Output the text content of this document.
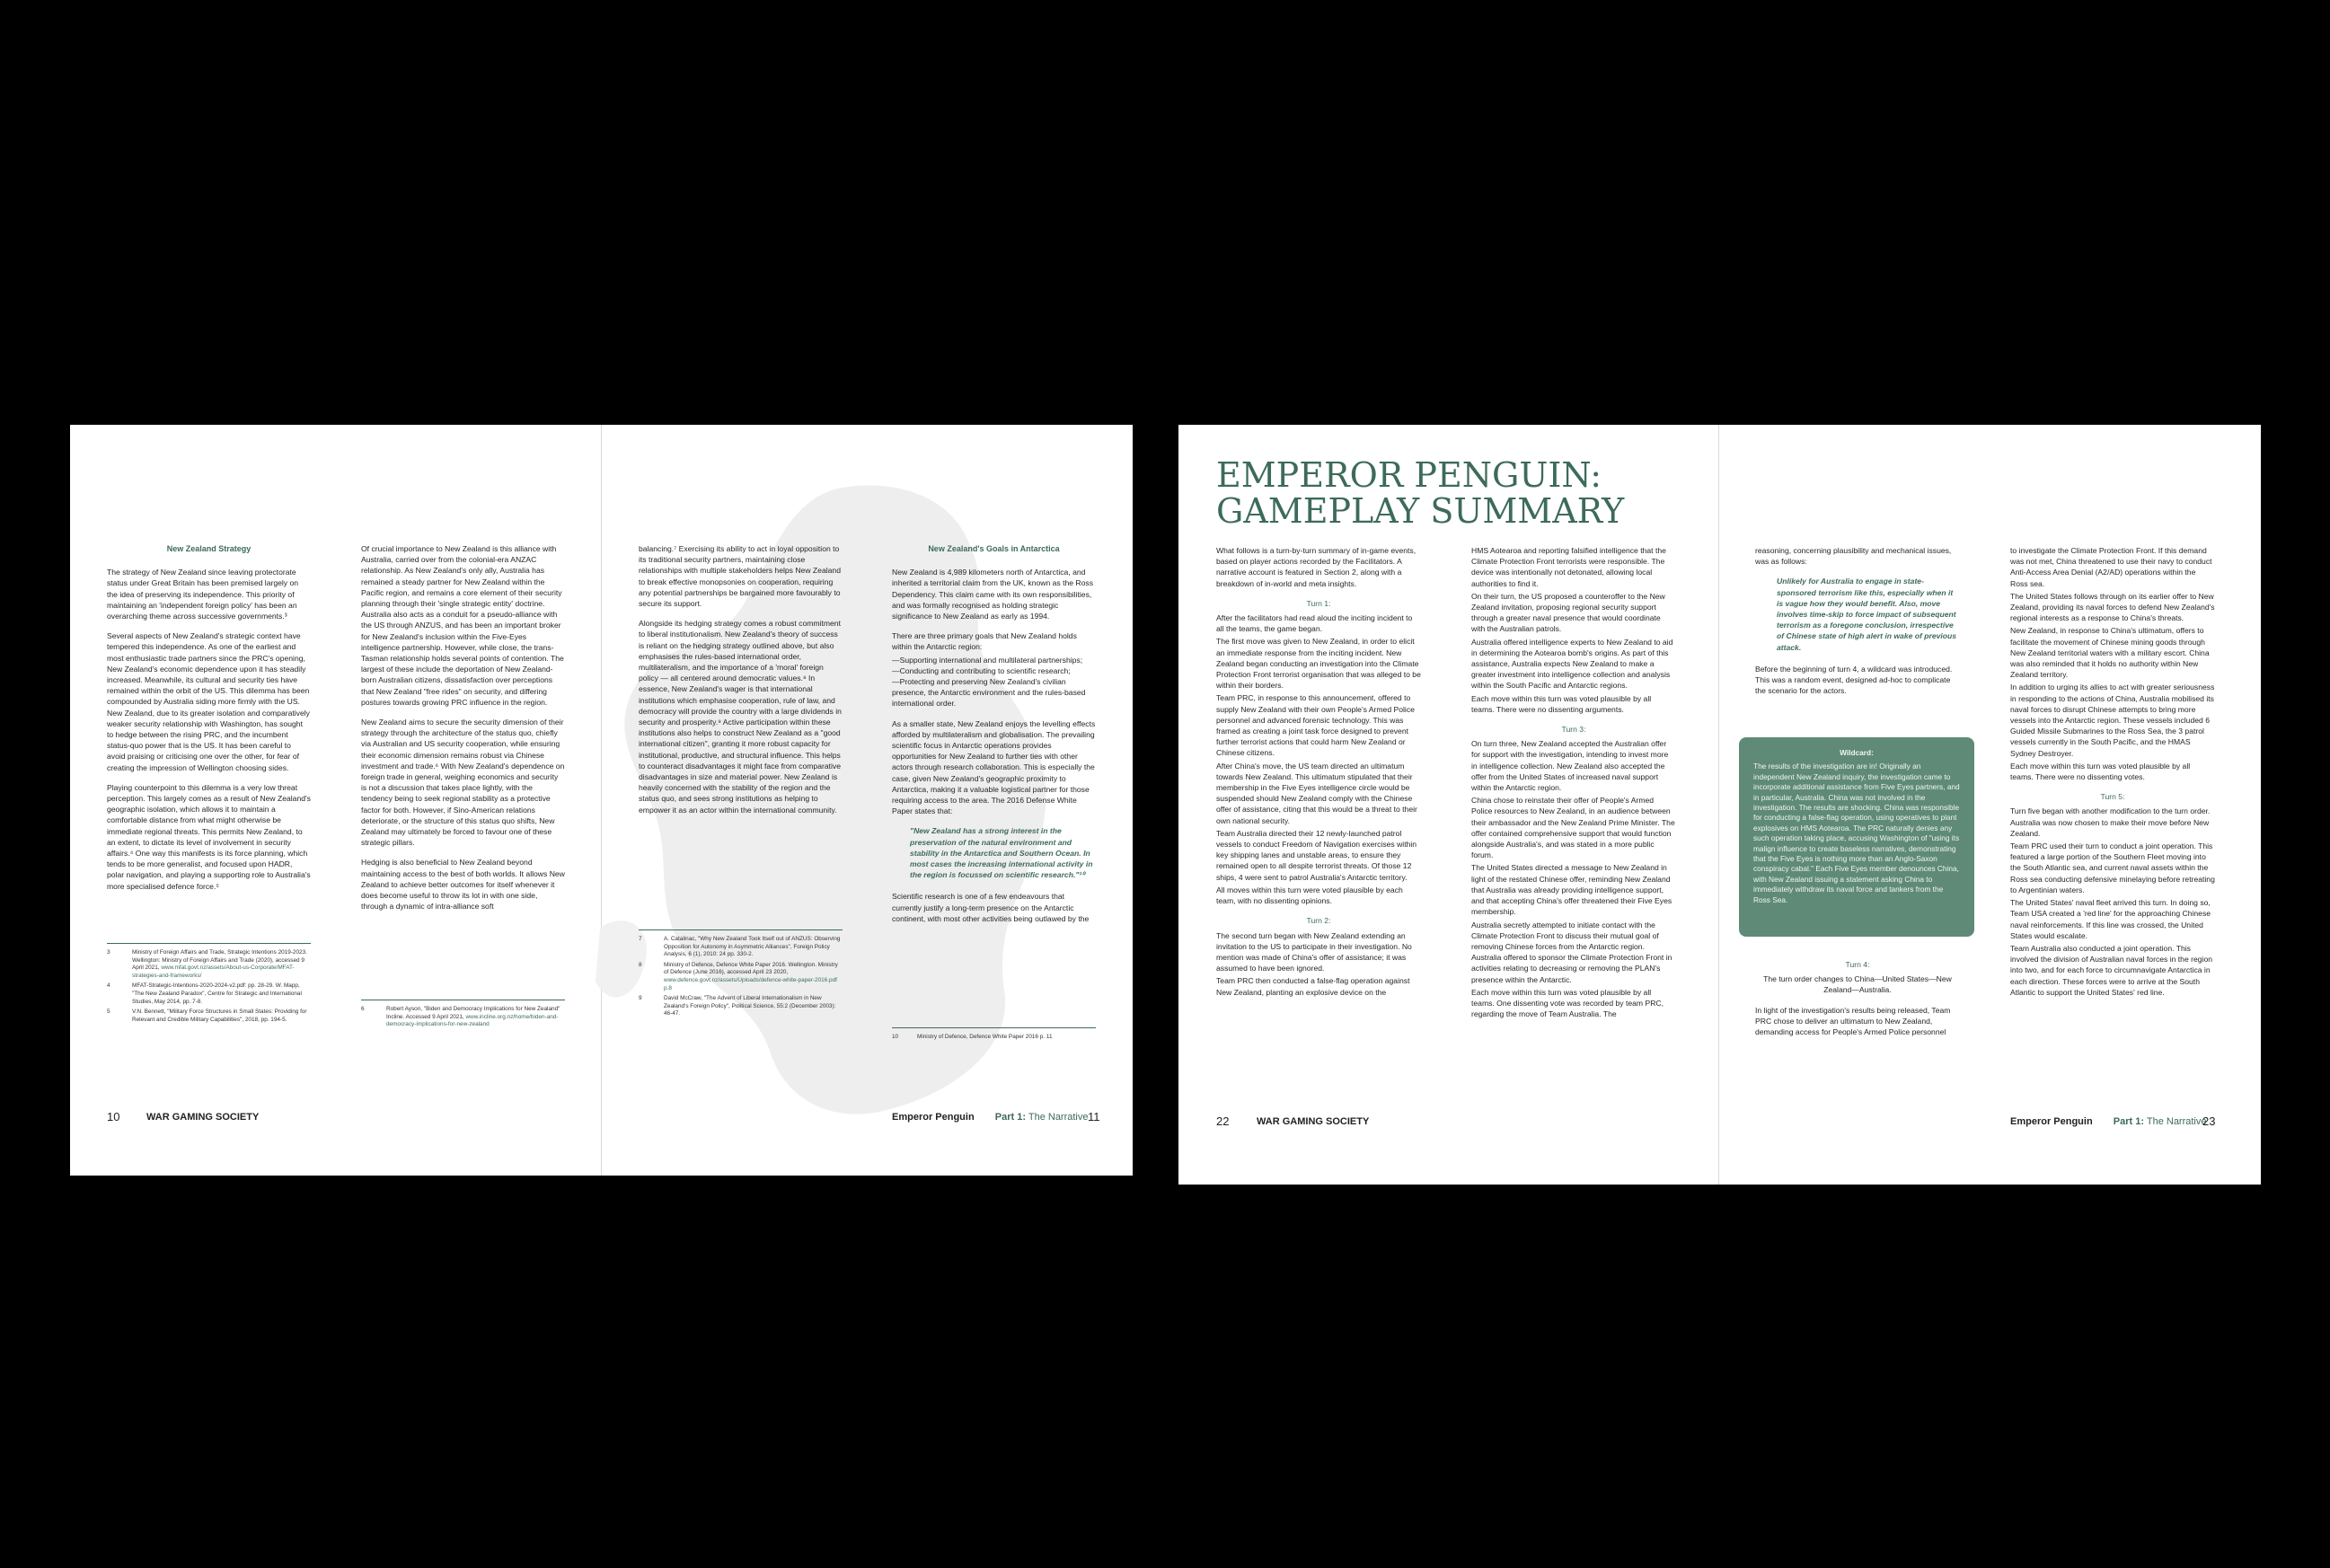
New Zealand Strategy

The strategy of New Zealand since leaving protectorate status under Great Britain has been premised largely on the idea of preserving its independence. This priority of maintaining an 'independent foreign policy' has been an overarching theme across successive governments.³

Several aspects of New Zealand's strategic context have tempered this independence. As one of the earliest and most enthusiastic trade partners since the PRC's opening, New Zealand's economic dependence upon it has steadily increased. Meanwhile, its cultural and security ties have remained within the orbit of the US. This dilemma has been compounded by Australia siding more firmly with the US. New Zealand, due to its greater isolation and comparatively weaker security relationship with Washington, has sought to hedge between the rising PRC, and the incumbent status-quo power that is the US. It has been careful to avoid praising or criticising one over the other, for fear of creating the impression of Wellington choosing sides.

Playing counterpoint to this dilemma is a very low threat perception. This largely comes as a result of New Zealand's geographic isolation, which allows it to maintain a comfortable distance from what might otherwise be immediate regional threats. This permits New Zealand, to an extent, to dictate its level of involvement in security affairs.⁴ One way this manifests is its force planning, which tends to be more generalist, and focused upon HADR, polar navigation, and playing a supporting role to Australia's more specialised defence force.⁵

3	Ministry of Foreign Affairs and Trade, Strategic Intentions 2019-2023. Wellington: Ministry of Foreign Affairs and Trade (2020), accessed 9 April 2021, www.mfat.govt.nz/assets/About-us-Corporate/MFAT-strategies-and-frameworks/
4	MFAT-Strategic-Intentions-2020-2024-v2.pdf: pp. 28-29. W. Mapp, "The New Zealand Paradox", Centre for Strategic and International Studies, May 2014, pp. 7-8.
5	V.N. Bennett, "Military Force Structures in Small States: Providing for Relevant and Credible Military Capabilities", 2018, pp. 194-5.

Of crucial importance to New Zealand is this alliance with Australia, carried over from the colonial-era ANZAC relationship. As New Zealand's only ally, Australia has remained a steady partner for New Zealand within the Pacific region, and remains a core element of their security planning through their 'single strategic entity' doctrine. Australia also acts as a conduit for a pseudo-alliance with the US through ANZUS, and has been an important broker for New Zealand's inclusion within the Five-Eyes intelligence partnership. However, while close, the trans-Tasman relationship holds several points of contention. The largest of these include the deportation of New Zealand-born Australian citizens, dissatisfaction over perceptions that New Zealand "free rides" on security, and differing postures towards growing PRC influence in the region.

New Zealand aims to secure the security dimension of their strategy through the architecture of the status quo, chiefly via Australian and US security cooperation, while ensuring their economic dimension remains robust via Chinese investment and trade.⁶ With New Zealand's dependence on foreign trade in general, weighing economics and security is not a discussion that takes place lightly, with the tendency being to seek regional stability as a protective factor for both. However, if Sino-American relations deteriorate, or the structure of this status quo shifts, New Zealand may ultimately be forced to favour one of these strategic pillars.

Hedging is also beneficial to New Zealand beyond maintaining access to the best of both worlds. It allows New Zealand to achieve better outcomes for itself whenever it does become useful to throw its lot in with one side, through a dynamic of intra-alliance soft

6	Robert Ayson, "Biden and Democracy Implications for New Zealand" Incline. Accessed 9 April 2021, www.incline.org.nz/home/biden-and-democracy-implications-for-new-zealand
10	WAR GAMING SOCIETY

balancing.⁷ Exercising its ability to act in loyal opposition to its traditional security partners, maintaining close relationships with multiple stakeholders helps New Zealand to break effective monopsonies on cooperation, requiring any potential partnerships be bargained more favourably to secure its support.

Alongside its hedging strategy comes a robust commitment to liberal institutionalism. New Zealand's theory of success is reliant on the hedging strategy outlined above, but also emphasises the rules-based international order, multilateralism, and the importance of a 'moral' foreign policy — all centered around democratic values.⁸ In essence, New Zealand's wager is that international institutions which emphasise cooperation, rule of law, and democracy will provide the country with a large dividends in security and prosperity.⁹ Active participation within these institutions also helps to construct New Zealand as a "good international citizen", granting it more robust capacity for institutional, productive, and structural influence. This helps to counteract disadvantages it might face from comparative disadvantages in size and material power. New Zealand is heavily concerned with the stability of the region and the status quo, and sees strong institutions as helping to empower it as an actor within the international community.

7	A. Catalinac, "Why New Zealand Took Itself out of ANZUS: Observing Opposition for Autonomy in Asymmetric Alliances", Foreign Policy Analysis, 6 (1), 2010: 24 pp. 330-2.
8	Ministry of Defence, Defence White Paper 2016. Wellington. Ministry of Defence (June 2016), accessed April 23 2020, www.defence.govt.nz/assets/Uploads/defence-white-paper-2016.pdf p.8
9	David McCraw, "The Advent of Liberal Internationalism in New Zealand's Foreign Policy", Political Science, 55:2 (December 2003): 46-47.
New Zealand's Goals in Antarctica

New Zealand is 4,989 kilometers north of Antarctica, and inherited a territorial claim from the UK, known as the Ross Dependency. This claim came with its own responsibilities, and was formally recognised as holding strategic significance to New Zealand as early as 1994.

There are three primary goals that New Zealand holds within the Antarctic region:

—Supporting international and multilateral partnerships;
—Conducting and contributing to scientific research;
—Protecting and preserving New Zealand's civilian presence, the Antarctic environment and the rules-based international order.

As a smaller state, New Zealand enjoys the levelling effects afforded by multilateralism and globalisation. The prevailing scientific focus in Antarctic operations provides opportunities for New Zealand to further ties with other actors through research collaboration. This is especially the case, given New Zealand's geographic proximity to Antarctica, making it a valuable logistical partner for those requiring access to the area. The 2016 Defense White Paper states that:

"New Zealand has a strong interest in the preservation of the natural environment and stability in the Antarctica and Southern Ocean. In most cases the increasing international activity in the region is focussed on scientific research."¹⁰

Scientific research is one of a few endeavours that currently justify a long-term presence on the Antarctic continent, with most other activities being outlawed by the

10	Ministry of Defence, Defence White Paper 2016 p. 11
Emperor Penguin Part 1: The Narrative 11
EMPEROR PENGUIN:
GAMEPLAY SUMMARY

What follows is a turn-by-turn summary of in-game events, based on player actions recorded by the Facilitators. A narrative account is featured in Section 2, along with a breakdown of in-world and meta insights.

Turn 1:

After the facilitators had read aloud the inciting incident to all the teams, the game began.

The first move was given to New Zealand, in order to elicit an immediate response from the inciting incident. New Zealand began conducting an investigation into the Climate Protection Front terrorist organisation that was alleged to be within their borders.

Team PRC, in response to this announcement, offered to supply New Zealand with their own People's Armed Police personnel and advanced forensic technology. This was framed as creating a joint task force designed to prevent further terrorist actions that could harm New Zealand or Chinese citizens.

After China's move, the US team directed an ultimatum towards New Zealand. This ultimatum stipulated that their membership in the Five Eyes intelligence circle would be suspended should New Zealand comply with the Chinese offer of assistance, citing that this would be a threat to their own national security.

Team Australia directed their 12 newly-launched patrol vessels to conduct Freedom of Navigation exercises within key shipping lanes and unstable areas, to ensure they remained open to all despite terrorist threats. Of those 12 ships, 4 were sent to patrol Australia's Antarctic territory.

All moves within this turn were voted plausible by each team, with no dissenting opinions.

Turn 2:

The second turn began with New Zealand extending an invitation to the US to participate in their investigation. No mention was made of China's offer of assistance; it was assumed to have been ignored.

Team PRC then conducted a false-flag operation against New Zealand, planting an explosive device on the

HMS Aotearoa and reporting falsified intelligence that the Climate Protection Front terrorists were responsible. The device was intentionally not detonated, allowing local authorities to find it.

On their turn, the US proposed a counteroffer to the New Zealand invitation, proposing regional security support through a greater naval presence that would coordinate with the Australian patrols.

Australia offered intelligence experts to New Zealand to aid in determining the Aotearoa bomb's origins. As part of this assistance, Australia expects New Zealand to make a greater investment into intelligence collection and analysis within the South Pacific and Antarctic regions.

Each move within this turn was voted plausible by all teams. There were no dissenting arguments.

Turn 3:

On turn three, New Zealand accepted the Australian offer for support with the investigation, intending to invest more in intelligence collection. New Zealand also accepted the offer from the United States of increased naval support within the Antarctic region.

China chose to reinstate their offer of People's Armed Police resources to New Zealand, in an audience between their ambassador and the New Zealand Prime Minister. The offer contained comprehensive support that would function alongside Australia's, and was stated in a more public forum.

The United States directed a message to New Zealand in light of the restated Chinese offer, reminding New Zealand that Australia was already providing intelligence support, and that accepting China's offer threatened their Five Eyes membership.

Australia secretly attempted to initiate contact with the Climate Protection Front to discuss their mutual goal of removing Chinese forces from the Antarctic region. Australia offered to sponsor the Climate Protection Front in activities relating to decreasing or removing the PLAN's presence within the Antarctic.

Each move within this turn was voted plausible by all teams. One dissenting vote was recorded by team PRC, regarding the move of Team Australia. The

22	WAR GAMING SOCIETY

reasoning, concerning plausibility and mechanical issues, was as follows:

Unlikely for Australia to engage in state-sponsored terrorism like this, especially when it is vague how they would benefit. Also, move involves time-skip to force impact of subsequent terrorism as a foregone conclusion, irrespective of Chinese state of high alert in wake of previous attack.

Before the beginning of turn 4, a wildcard was introduced. This was a random event, designed ad-hoc to complicate the scenario for the actors.

Wildcard:
The results of the investigation are in! Originally an independent New Zealand inquiry, the investigation came to incorporate additional assistance from Five Eyes partners, and in particular, Australia. China was not involved in the investigation. The results are shocking. China was responsible for conducting a false-flag operation, using operatives to plant explosives on HMS Aotearoa. The PRC naturally denies any such operation taking place, accusing Washington of "using its malign influence to create baseless narratives, demonstrating that the Five Eyes is nothing more than an Anglo-Saxon conspiracy cabal." Each Five Eyes member denounces China, with New Zealand issuing a statement asking China to immediately withdraw its naval force and tankers from the Ross Sea.
Turn 4:

The turn order changes to China—United States—New Zealand—Australia.

In light of the investigation's results being released, Team PRC chose to deliver an ultimatum to New Zealand, demanding access for People's Armed Police personnel

to investigate the Climate Protection Front. If this demand was not met, China threatened to use their navy to conduct Anti-Access Area Denial (A2/AD) operations within the Ross sea.

The United States follows through on its earlier offer to New Zealand, providing its naval forces to defend New Zealand's regional interests as a response to China's threats.

New Zealand, in response to China's ultimatum, offers to facilitate the movement of Chinese mining goods through New Zealand territorial waters with a military escort. China was also reminded that it holds no authority within New Zealand territory.

In addition to urging its allies to act with greater seriousness in responding to the actions of China, Australia mobilised its naval forces to disrupt Chinese attempts to bring more vessels into the Antarctic region. These vessels included 6 Guided Missile Submarines to the Ross Sea, the 3 patrol vessels currently in the South Pacific, and the HMAS Sydney Destroyer.

Each move within this turn was voted plausible by all teams. There were no dissenting votes.

Turn 5:

Turn five began with another modification to the turn order. Australia was now chosen to make their move before New Zealand.

Team PRC used their turn to conduct a joint operation. This featured a large portion of the Southern Fleet moving into the South Atlantic sea, and current naval assets within the Ross sea conducting defensive minelaying before retreating to Argentinian waters.

The United States' naval fleet arrived this turn. In doing so, Team USA created a 'red line' for the approaching Chinese naval reinforcements. If this line was crossed, the United States would escalate.

Team Australia also conducted a joint operation. This involved the division of Australian naval forces in the region into two, and for each force to circumnavigate Antarctica in each direction. These forces were to arrive at the South Atlantic to support the United States' red line.

Emperor Penguin Part 1: The Narrative
23
